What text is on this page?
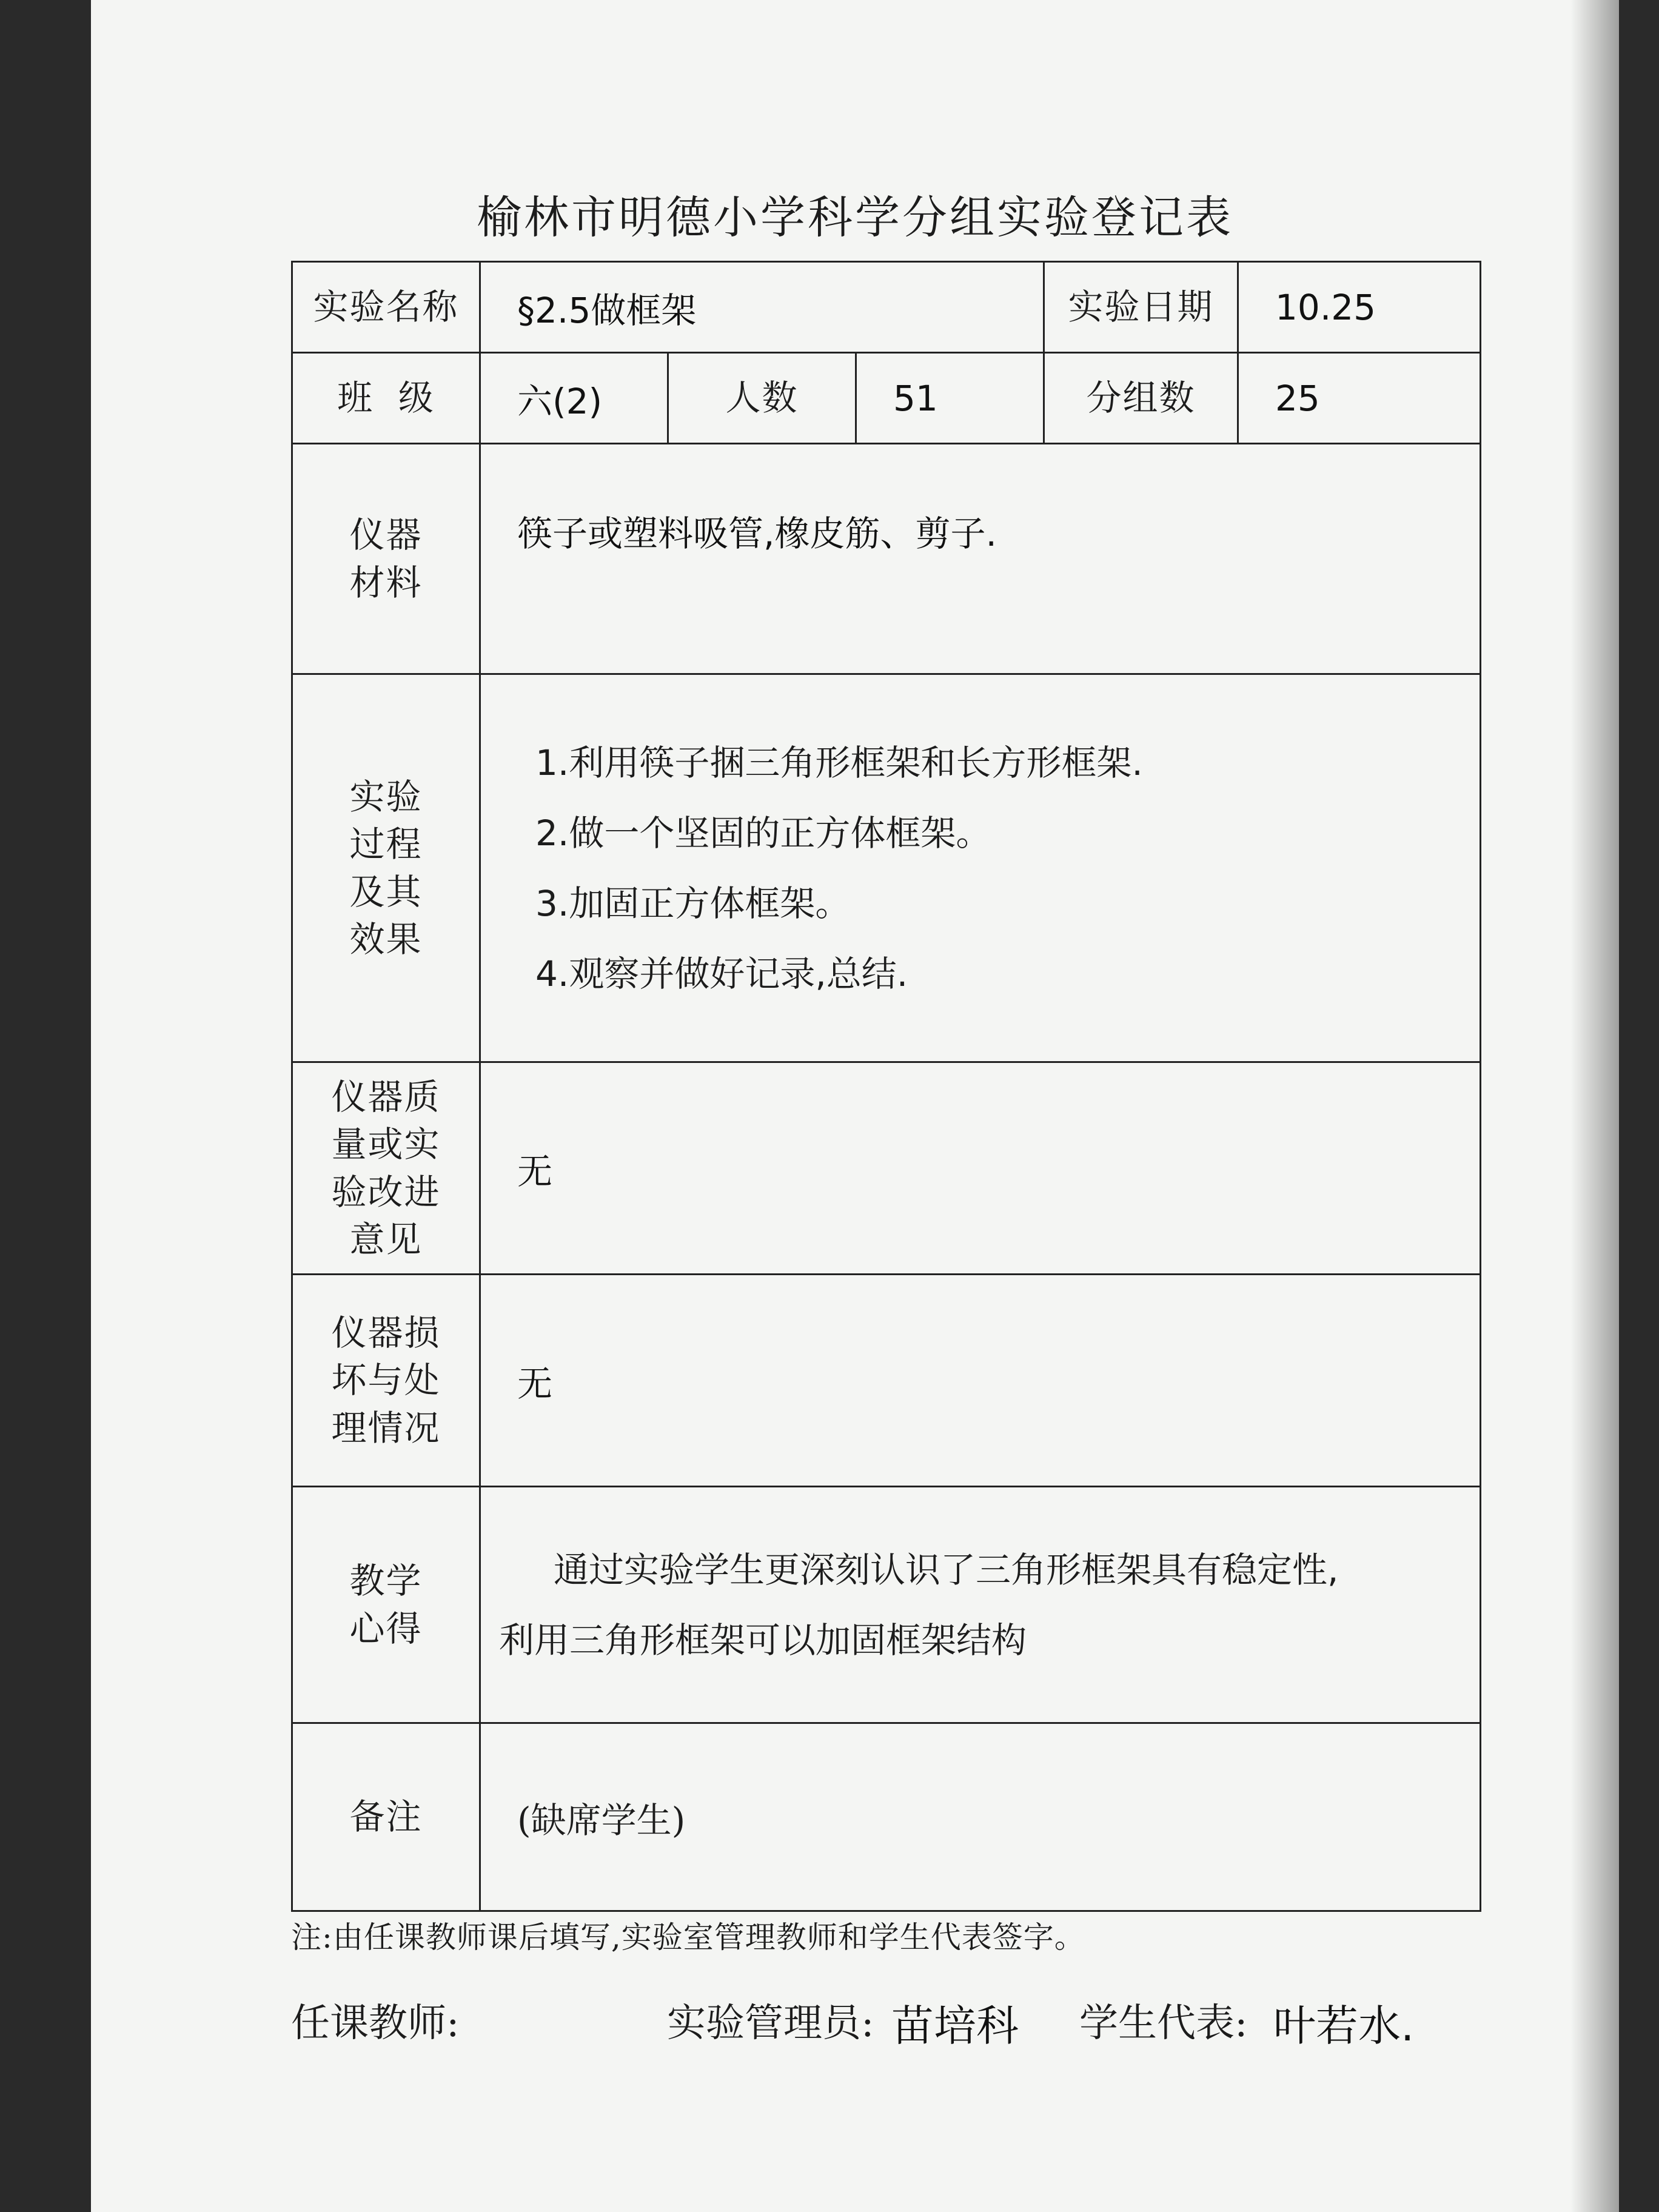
榆林市明德小学科学分组实验登记表
实验名称	§2.5做框架			实验日期	10.25
班  级	六(2)	人数	51	分组数	25

仪器材料	筷子或塑料吸管,橡皮筋、剪子.				

实验过程及其效果	1.利用筷子捆三角形框架和长方形框架.
2.做一个坚固的正方体框架。
3.加固正方体框架。
4.观察并做好记录,总结.				

仪器质量或实验改进意见	无				

仪器损坏与处理情况	无				

教学心得	通过实验学生更深刻认识了三角形框架具有稳定性,
利用三角形框架可以加固框架结构				

备注	(缺席学生)				
注:由任课教师课后填写,实验室管理教师和学生代表签字。
任课教师:	实验管理员: 苗培科 学生代表: 叶若水.
